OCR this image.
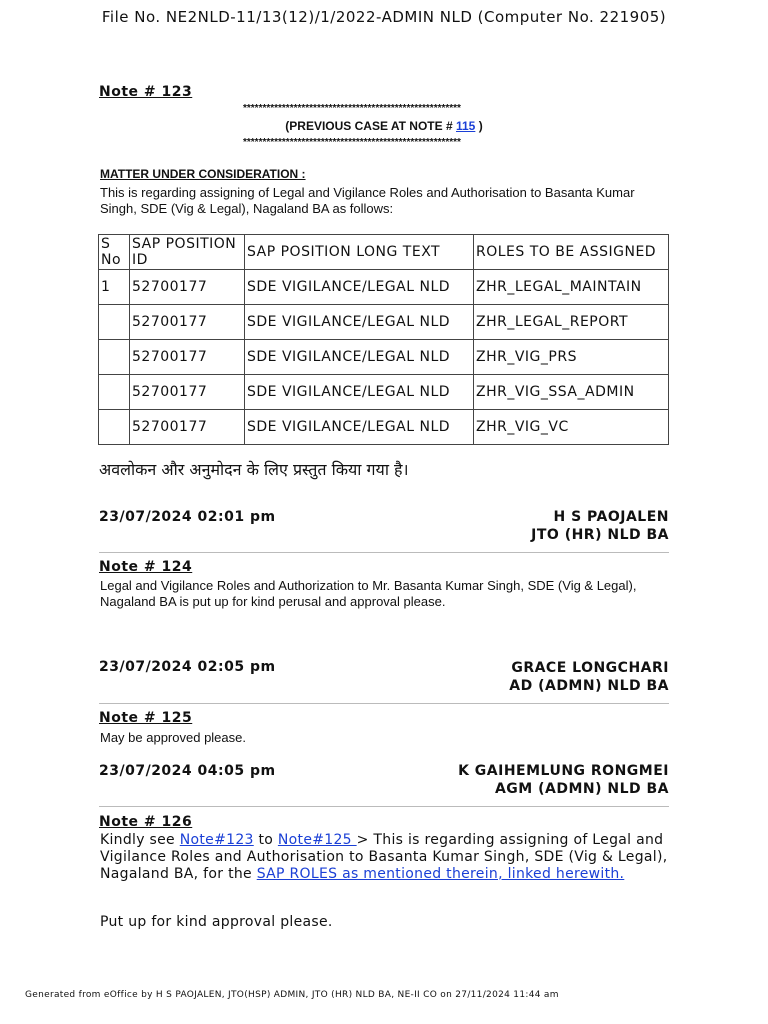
File No. NE2NLD-11/13(12)/1/2022-ADMIN NLD (Computer No. 221905)
Note # 123
********************************************************
(PREVIOUS CASE AT NOTE # 115 )
********************************************************
MATTER UNDER CONSIDERATION :
This is regarding assigning of Legal and Vigilance Roles and Authorisation to Basanta Kumar Singh, SDE (Vig & Legal), Nagaland BA as follows:
S No	SAP POSITION ID	SAP POSITION LONG TEXT	ROLES TO BE ASSIGNED
1	52700177	SDE VIGILANCE/LEGAL NLD	ZHR_LEGAL_MAINTAIN
	52700177	SDE VIGILANCE/LEGAL NLD	ZHR_LEGAL_REPORT
	52700177	SDE VIGILANCE/LEGAL NLD	ZHR_VIG_PRS
	52700177	SDE VIGILANCE/LEGAL NLD	ZHR_VIG_SSA_ADMIN
	52700177	SDE VIGILANCE/LEGAL NLD	ZHR_VIG_VC
अवलोकन और अनुमोदन के लिए प्रस्तुत किया गया है।
23/07/2024 02:01 pm	H S PAOJALEN
JTO (HR) NLD BA
Note # 124
Legal and Vigilance Roles and Authorization to Mr. Basanta Kumar Singh, SDE (Vig & Legal), Nagaland BA is put up for kind perusal and approval please.
23/07/2024 02:05 pm	GRACE LONGCHARI
AD (ADMN) NLD BA
Note # 125
May be approved please.
23/07/2024 04:05 pm	K GAIHEMLUNG RONGMEI
AGM (ADMN) NLD BA
Note # 126
Kindly see Note#123 to Note#125 > This is regarding assigning of Legal and Vigilance Roles and Authorisation to Basanta Kumar Singh, SDE (Vig & Legal), Nagaland BA, for the SAP ROLES as mentioned therein, linked herewith.
Put up for kind approval please.
Generated from eOffice by H S PAOJALEN, JTO(HSP) ADMIN, JTO (HR) NLD BA, NE-II CO on 27/11/2024 11:44 am
